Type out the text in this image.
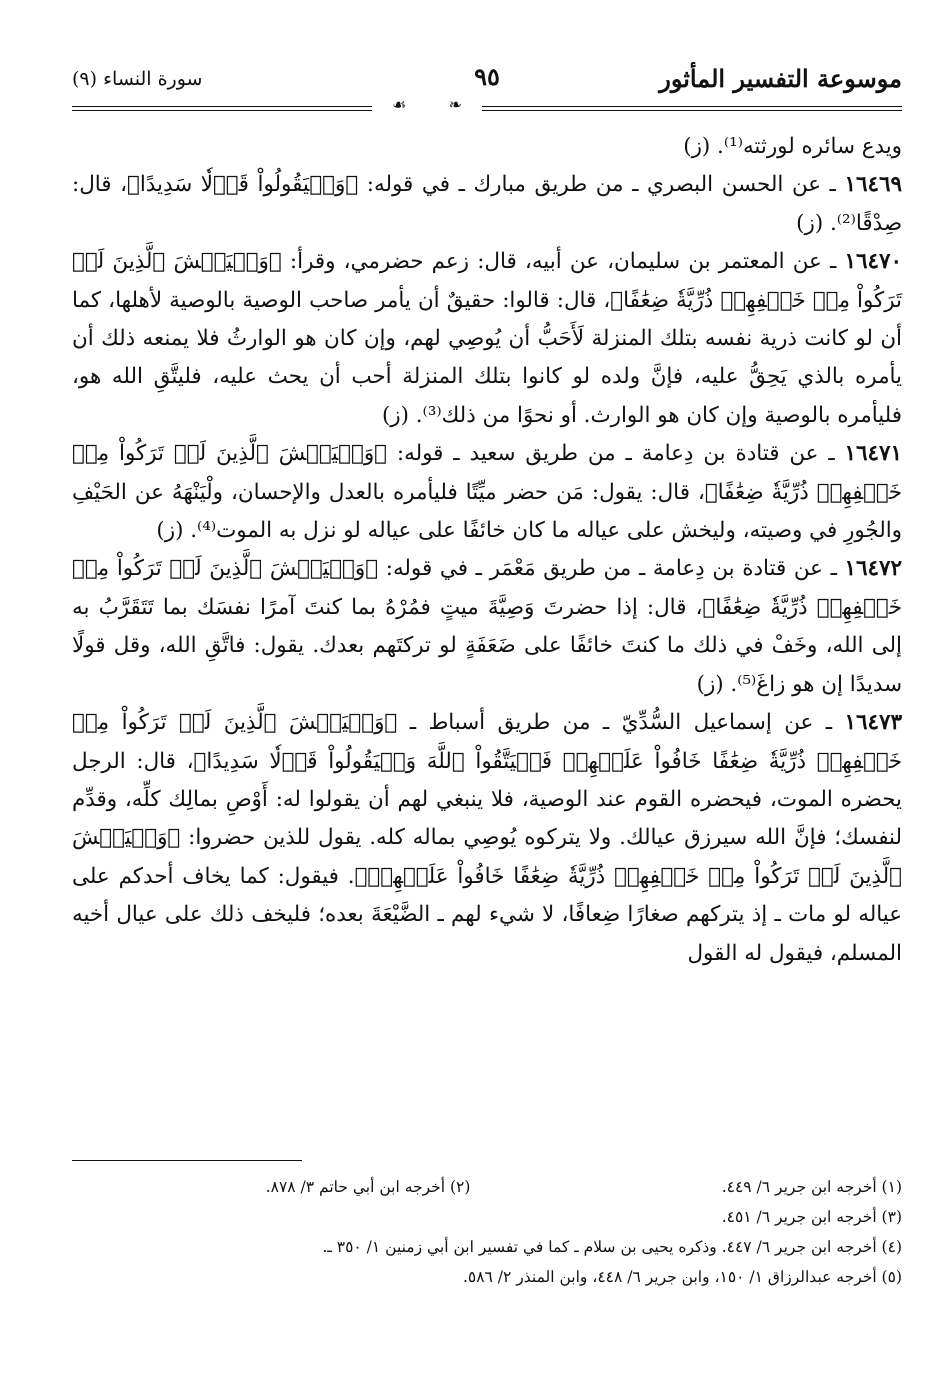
موسوعة التفسير المأثور
٩٥
سورة النساء (٩)
❧
☙

ويدع سائره لورثته⁽¹⁾. (ز)

١٦٤٦٩ ـ عن الحسن البصري ـ من طريق مبارك ـ في قوله: ﴿وَلۡيَقُولُواْ قَوۡلٗا سَدِيدًا﴾، قال: صِدْقًا⁽²⁾. (ز)

١٦٤٧٠ ـ عن المعتمر بن سليمان، عن أبيه، قال: زعم حضرمي، وقرأ: ﴿وَلۡيَخۡشَ ٱلَّذِينَ لَوۡ تَرَكُواْ مِنۡ خَلۡفِهِمۡ ذُرِّيَّةٗ ضِعَٰفًا﴾، قال: قالوا: حقيقٌ أن يأمر صاحب الوصية بالوصية لأهلها، كما أن لو كانت ذرية نفسه بتلك المنزلة لَأَحَبُّ أن يُوصِي لهم، وإن كان هو الوارثُ فلا يمنعه ذلك أن يأمره بالذي يَحِقُّ عليه، فإنَّ ولده لو كانوا بتلك المنزلة أحب أن يحث عليه، فليتَّقِ الله هو، فليأمره بالوصية وإن كان هو الوارث. أو نحوًا من ذلك⁽³⁾. (ز)

١٦٤٧١ ـ عن قتادة بن دِعامة ـ من طريق سعيد ـ قوله: ﴿وَلۡيَخۡشَ ٱلَّذِينَ لَوۡ تَرَكُواْ مِنۡ خَلۡفِهِمۡ ذُرِّيَّةٗ ضِعَٰفًا﴾، قال: يقول: مَن حضر ميِّتًا فليأمره بالعدل والإحسان، ولْيَنْهَهُ عن الحَيْفِ والجُورِ في وصيته، وليخش على عياله ما كان خائفًا على عياله لو نزل به الموت⁽⁴⁾. (ز)

١٦٤٧٢ ـ عن قتادة بن دِعامة ـ من طريق مَعْمَر ـ في قوله: ﴿وَلۡيَخۡشَ ٱلَّذِينَ لَوۡ تَرَكُواْ مِنۡ خَلۡفِهِمۡ ذُرِّيَّةٗ ضِعَٰفًا﴾، قال: إذا حضرتَ وَصِيَّةَ ميتٍ فمُرْهُ بما كنتَ آمرًا نفسَك بما تَتَقَرَّبُ به إلى الله، وخَفْ في ذلك ما كنتَ خائفًا على ضَعَفَةٍ لو تركتَهم بعدك. يقول: فاتَّقِ الله، وقل قولًا سديدًا إن هو زاغَ⁽⁵⁾. (ز)

١٦٤٧٣ ـ عن إسماعيل السُّدِّيّ ـ من طريق أسباط ـ ﴿وَلۡيَخۡشَ ٱلَّذِينَ لَوۡ تَرَكُواْ مِنۡ خَلۡفِهِمۡ ذُرِّيَّةٗ ضِعَٰفًا خَافُواْ عَلَيۡهِمۡ فَلۡيَتَّقُواْ ٱللَّهَ وَلۡيَقُولُواْ قَوۡلٗا سَدِيدًا﴾، قال: الرجل يحضره الموت، فيحضره القوم عند الوصية، فلا ينبغي لهم أن يقولوا له: أَوْصِ بمالِك كلِّه، وقدِّم لنفسك؛ فإنَّ الله سيرزق عيالك. ولا يتركوه يُوصِي بماله كله. يقول للذين حضروا: ﴿وَلۡيَخۡشَ ٱلَّذِينَ لَوۡ تَرَكُواْ مِنۡ خَلۡفِهِمۡ ذُرِّيَّةٗ ضِعَٰفًا خَافُواْ عَلَيۡهِمۡ﴾. فيقول: كما يخاف أحدكم على عياله لو مات ـ إذ يتركهم صغارًا ضِعافًا، لا شيء لهم ـ الضَّيْعَةَ بعده؛ فليخف ذلك على عيال أخيه المسلم، فيقول له القول

(١) أخرجه ابن جرير ٦/ ٤٤٩.
(٢) أخرجه ابن أبي حاتم ٣/ ٨٧٨.
(٣) أخرجه ابن جرير ٦/ ٤٥١.
(٤) أخرجه ابن جرير ٦/ ٤٤٧. وذكره يحيى بن سلام ـ كما في تفسير ابن أبي زمنين ١/ ٣٥٠ ـ.
(٥) أخرجه عبدالرزاق ١/ ١٥٠، وابن جرير ٦/ ٤٤٨، وابن المنذر ٢/ ٥٨٦.
